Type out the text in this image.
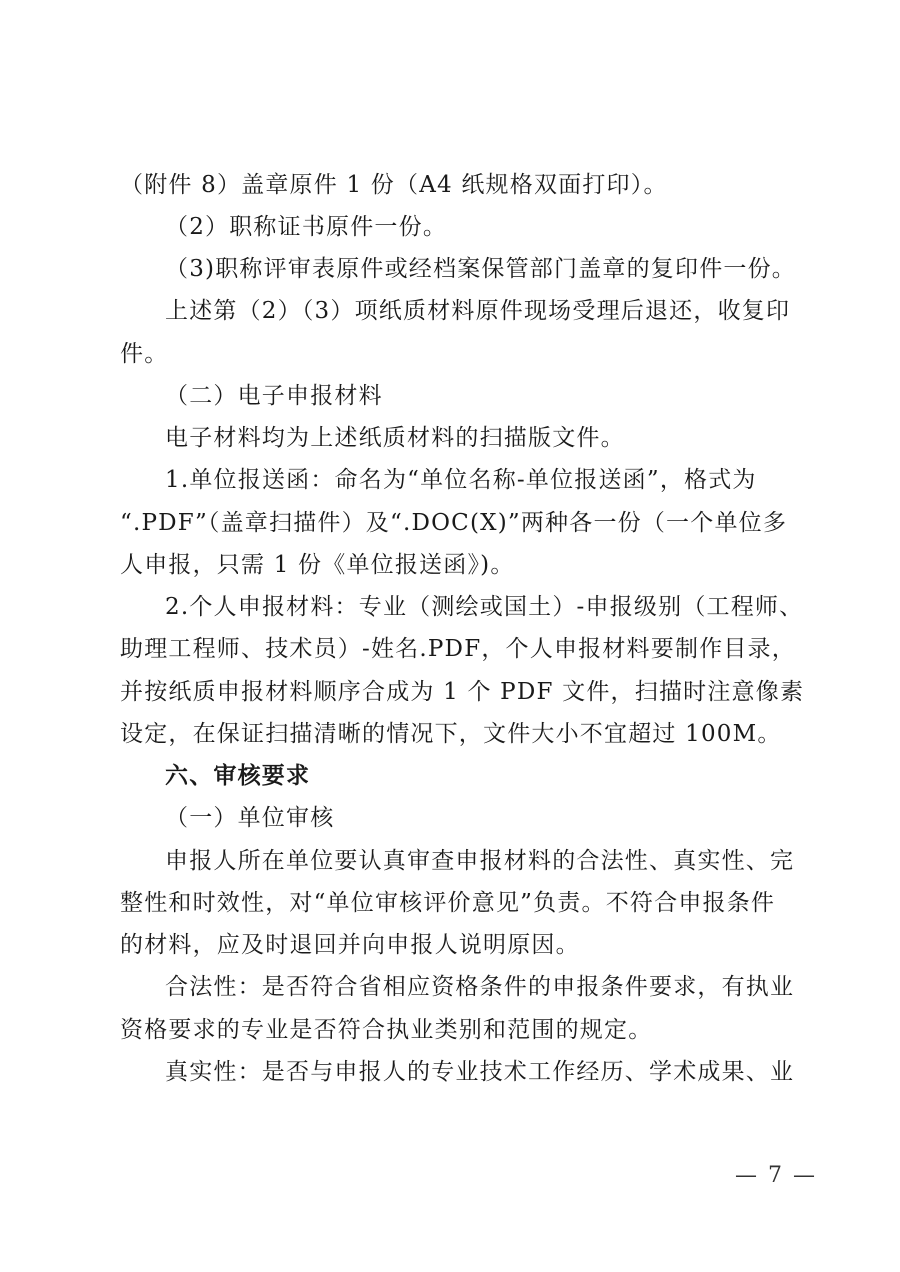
（附件 8）盖章原件 1 份（A4 纸规格双面打印）。
（2）职称证书原件一份。
（3)职称评审表原件或经档案保管部门盖章的复印件一份。
上述第（2）（3）项纸质材料原件现场受理后退还，收复印
件。
（二）电子申报材料
电子材料均为上述纸质材料的扫描版文件。
1.单位报送函：命名为“单位名称-单位报送函”，格式为
“.PDF”（盖章扫描件）及“.DOC(X)”两种各一份（一个单位多
人申报，只需 1 份《单位报送函》)。
2.个人申报材料：专业（测绘或国土）-申报级别（工程师、
助理工程师、技术员）-姓名.PDF，个人申报材料要制作目录，
并按纸质申报材料顺序合成为 1 个 PDF 文件，扫描时注意像素
设定，在保证扫描清晰的情况下，文件大小不宜超过 100M。
六、审核要求
（一）单位审核
申报人所在单位要认真审查申报材料的合法性、真实性、完
整性和时效性，对“单位审核评价意见”负责。不符合申报条件
的材料，应及时退回并向申报人说明原因。
合法性：是否符合省相应资格条件的申报条件要求，有执业
资格要求的专业是否符合执业类别和范围的规定。
真实性：是否与申报人的专业技术工作经历、学术成果、业
— 7 —
